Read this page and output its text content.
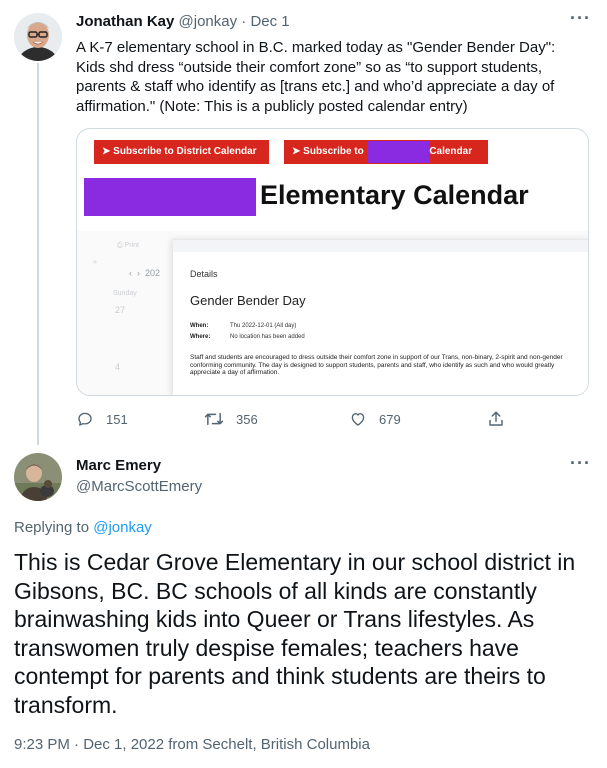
Jonathan Kay @jonkay · Dec 1	···
A K-7 elementary school in B.C. marked today as "Gender Bender Day": Kids shd dress “outside their comfort zone” so as “to support students, parents & staff who identify as [trans etc.] and who’d appreciate a day of affirmation." (Note: This is a publicly posted calendar entry)
➤ Subscribe to District Calendar	➤ Subscribe to	Calendar
Elementary Calendar
⎙ Print
»
‹  ›  202
Sunday
27
4
Details
Gender Bender Day
When:	Thu 2022-12-01 (All day)
Where:	No location has been added
Staff and students are encouraged to dress outside their comfort zone in support of our Trans, non-binary, 2-spirit and non-gender conforming community. The day is designed to support students, parents and staff, who identify as such and who would greatly appreciate a day of affirmation.
151	356	679
Marc Emery
@MarcScottEmery
···
Replying to @jonkay
This is Cedar Grove Elementary in our school district in Gibsons, BC. BC schools of all kinds are constantly brainwashing kids into Queer or Trans lifestyles. As transwomen truly despise females; teachers have contempt for parents and think students are theirs to transform.
9:23 PM · Dec 1, 2022 from Sechelt, British Columbia
